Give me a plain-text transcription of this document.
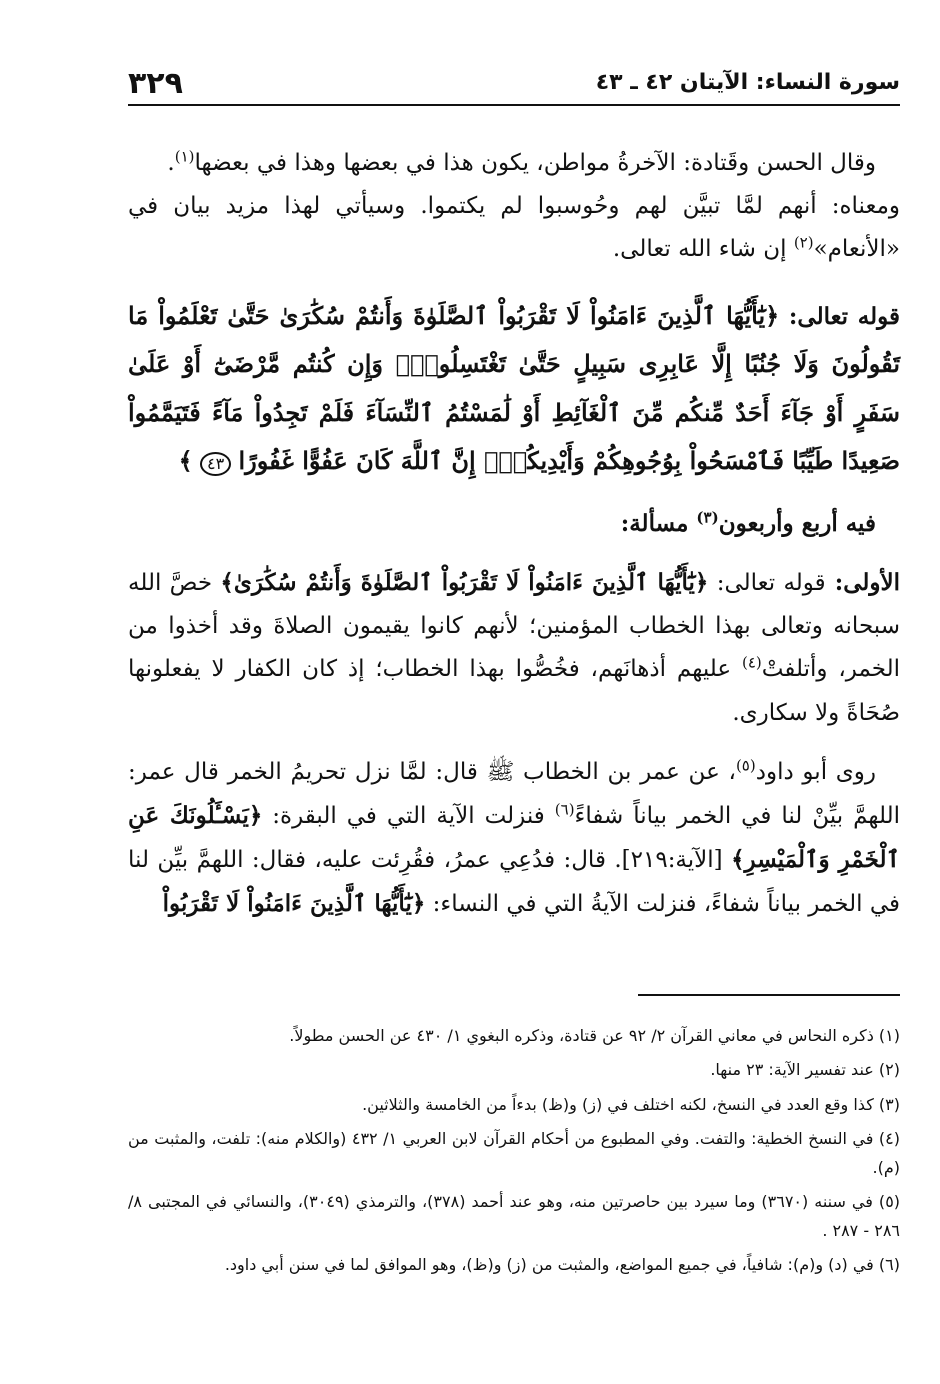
سورة النساء: الآيتان ٤٢ ـ ٤٣
٣٢٩

وقال الحسن وقَتادة: الآخرةُ مواطن، يكون هذا في بعضها وهذا في بعضها$^{(١)}$.

ومعناه: أنهم لمَّا تبيَّن لهم وحُوسبوا لم يكتموا. وسيأتي لهذا مزيد بيان في «الأنعام»$^{(٢)}$ إن شاء الله تعالى.

قوله تعالى: ﴿يَٰٓأَيُّهَا ٱلَّذِينَ ءَامَنُواْ لَا تَقْرَبُواْ ٱلصَّلَوٰةَ وَأَنتُمْ سُكَٰرَىٰ حَتَّىٰ تَعْلَمُواْ مَا تَقُولُونَ وَلَا جُنُبًا إِلَّا عَابِرِى سَبِيلٍ حَتَّىٰ تَغْتَسِلُواْۚ وَإِن كُنتُم مَّرْضَىٰٓ أَوْ عَلَىٰ سَفَرٍ أَوْ جَآءَ أَحَدٌ مِّنكُم مِّنَ ٱلْغَآئِطِ أَوْ لَٰمَسْتُمُ ٱلنِّسَآءَ فَلَمْ تَجِدُواْ مَآءً فَتَيَمَّمُواْ صَعِيدًا طَيِّبًا فَٱمْسَحُواْ بِوُجُوهِكُمْ وَأَيْدِيكُمْۗ إِنَّ ٱللَّهَ كَانَ عَفُوًّا غَفُورًا ٤٣ ﴾

فيه أربع وأربعون$^{(٣)}$ مسألة:

الأولى: قوله تعالى: ﴿يَٰٓأَيُّهَا ٱلَّذِينَ ءَامَنُواْ لَا تَقْرَبُواْ ٱلصَّلَوٰةَ وَأَنتُمْ سُكَٰرَىٰ﴾ خصَّ الله سبحانه وتعالى بهذا الخطاب المؤمنين؛ لأنهم كانوا يقيمون الصلاةَ وقد أخذوا من الخمر، وأتلفتْ$^{(٤)}$ عليهم أذهانَهم، فخُصُّوا بهذا الخطاب؛ إذ كان الكفار لا يفعلونها صُحَاةً ولا سكارى.

روى أبو داود$^{(٥)}$، عن عمر بن الخطاب ﷺ قال: لمَّا نزل تحريمُ الخمر قال عمر: اللهمَّ بيِّنْ لنا في الخمر بياناً شفاءً$^{(٦)}$ فنزلت الآية التي في البقرة: ﴿يَسْـَٔلُونَكَ عَنِ ٱلْخَمْرِ وَٱلْمَيْسِرِ﴾ [الآية:٢١٩]. قال: فدُعِي عمرُ، فقُرِئت عليه، فقال: اللهمَّ بيِّن لنا في الخمر بياناً شفاءً، فنزلت الآيةُ التي في النساء: ﴿يَٰٓأَيُّهَا ٱلَّذِينَ ءَامَنُواْ لَا تَقْرَبُواْ

(١) ذكره النحاس في معاني القرآن ٢/ ٩٢ عن قتادة، وذكره البغوي ١/ ٤٣٠ عن الحسن مطولاً.

(٢) عند تفسير الآية: ٢٣ منها.

(٣) كذا وقع العدد في النسخ، لكنه اختلف في (ز) و(ظ) بدءاً من الخامسة والثلاثين.

(٤) في النسخ الخطية: والتفت. وفي المطبوع من أحكام القرآن لابن العربي ١/ ٤٣٢ (والكلام منه): تلفت، والمثبت من (م).

(٥) في سننه (٣٦٧٠) وما سيرد بين حاصرتين منه، وهو عند أحمد (٣٧٨)، والترمذي (٣٠٤٩)، والنسائي في المجتبى ٨/ ٢٨٦ - ٢٨٧ .

(٦) في (د) و(م): شافياً، في جميع المواضع، والمثبت من (ز) و(ظ)، وهو الموافق لما في سنن أبي داود.
